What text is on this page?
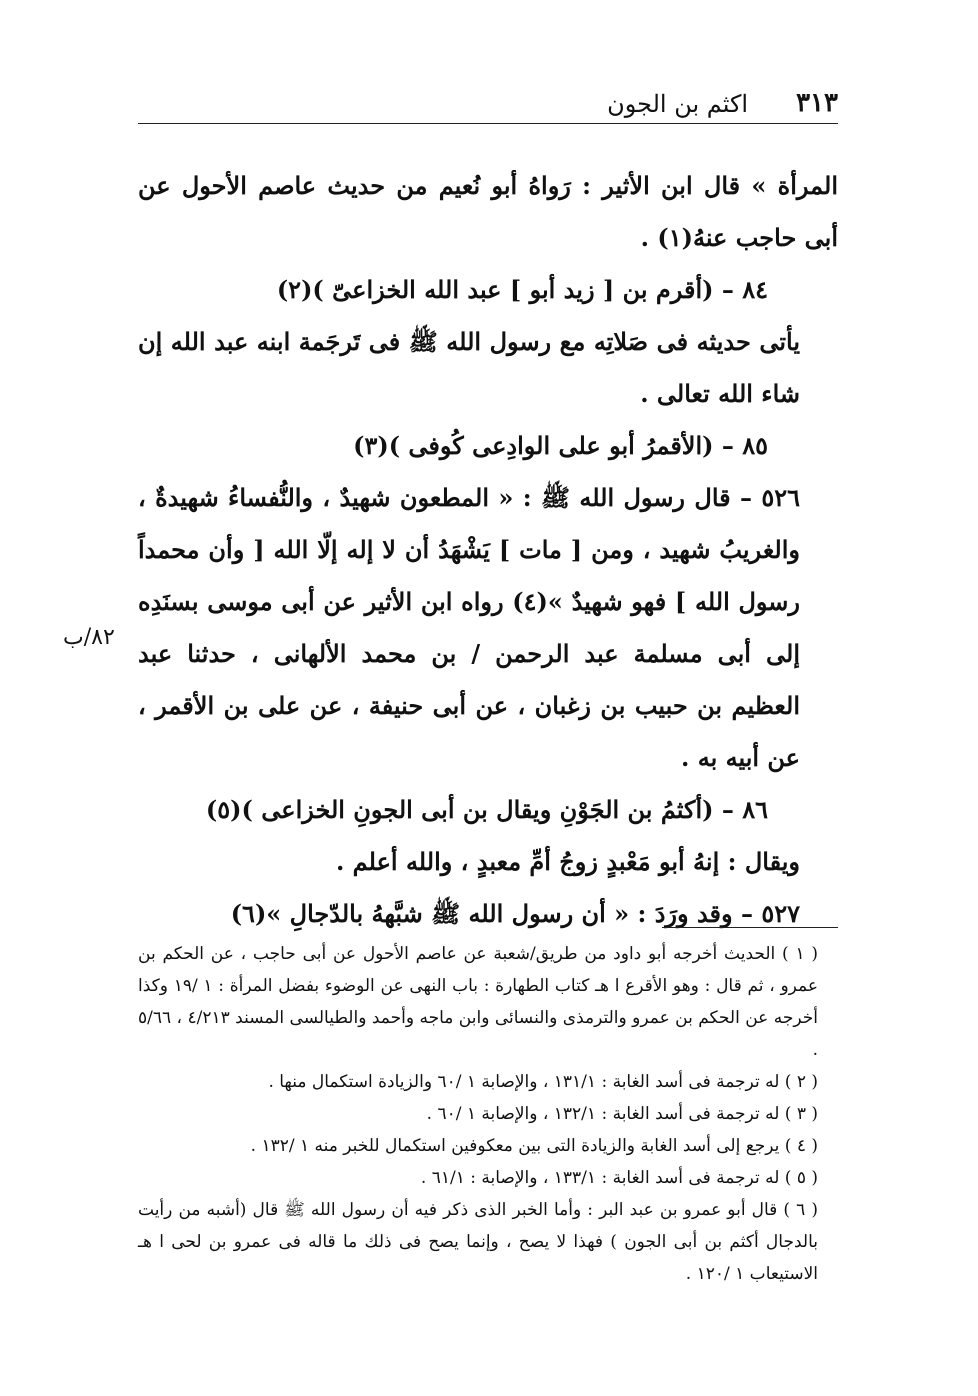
٣١٣
اكثم بن الجون

المرأة » قال ابن الأثير : رَواهُ أبو نُعيم من حديث عاصم الأحول عن أبى حاجب عنهُ(١) .

٨٤ – (أقرم بن [ زيد أبو ] عبد الله الخزاعىّ )(٢)

يأتى حديثه فى صَلاتِه مع رسول الله ﷺ فى تَرجَمة ابنه عبد الله إن شاء الله تعالى .

٨٥ – (الأقمرُ أبو على الوادِعى كُوفى )(٣)

٥٢٦ – قال رسول الله ﷺ : « المطعون شهيدٌ ، والنُّفساءُ شهيدةٌ ، والغريبُ شهيد ، ومن [ مات ] يَشْهَدُ أن لا إله إلّا الله [ وأن محمداً رسول الله ] فهو شهيدٌ »(٤) رواه ابن الأثير عن أبى موسى بسنَدِه إلى أبى مسلمة عبد الرحمن / بن محمد الألهانى ، حدثنا عبد العظيم بن حبيب بن زغبان ، عن أبى حنيفة ، عن على بن الأقمر ، عن أبيه به .

٨٦ – (أكثمُ بن الجَوْنِ ويقال بن أبى الجونِ الخزاعى )(٥)

ويقال : إنهُ أبو مَعْبدٍ زوجُ أمِّ معبدٍ ، والله أعلم .

٥٢٧ – وقد ورَدَ : « أن رسول الله ﷺ شبَّههُ بالدّجالِ »(٦)

٨٢/ب

( ١ ) الحديث أخرجه أبو داود من طريق/شعبة عن عاصم الأحول عن أبى حاجب ، عن الحكم بن عمرو ، ثم قال : وهو الأقرع ا هـ كتاب الطهارة : باب النهى عن الوضوء بفضل المرأة : ١ /١٩ وكذا أخرجه عن الحكم بن عمرو والترمذى والنسائى وابن ماجه وأحمد والطيالسى المسند ٤/٢١٣ ، ٥/٦٦ .

( ٢ ) له ترجمة فى أسد الغابة : ١٣١/١ ، والإصابة ١ /٦٠ والزيادة استكمال منها .

( ٣ ) له ترجمة فى أسد الغابة : ١٣٢/١ ، والإصابة ١ /٦٠ .

( ٤ ) يرجع إلى أسد الغابة والزيادة التى بين معكوفين استكمال للخبر منه ١ /١٣٢ .

( ٥ ) له ترجمة فى أسد الغابة : ١٣٣/١ ، والإصابة : ٦١/١ .

( ٦ ) قال أبو عمرو بن عبد البر : وأما الخبر الذى ذكر فيه أن رسول الله ﷺ قال (أشبه من رأيت بالدجال أكثم بن أبى الجون ) فهذا لا يصح ، وإنما يصح فى ذلك ما قاله فى عمرو بن لحى ا هـ الاستيعاب ١ /١٢٠ .
